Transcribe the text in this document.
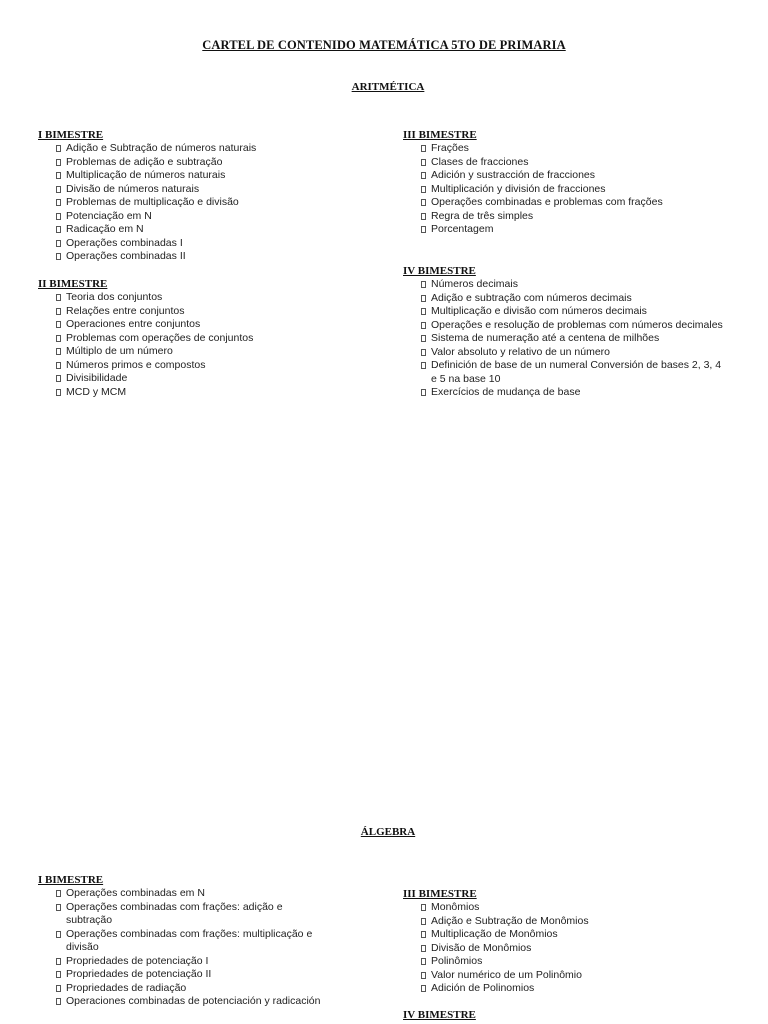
CARTEL DE CONTENIDO MATEMÁTICA 5TO DE PRIMARIA
ARITMÉTICA
I BIMESTRE
Adição e Subtração de números naturais
Problemas de adição e subtração
Multiplicação de números naturais
Divisão de números naturais
Problemas de multiplicação e divisão
Potenciação em N
Radicação em N
Operações combinadas I
Operações combinadas II
II BIMESTRE
Teoria dos conjuntos
Relações entre conjuntos
Operaciones entre conjuntos
Problemas com operações de conjuntos
Múltiplo de um número
Números primos e compostos
Divisibilidade
MCD y MCM
III BIMESTRE
Frações
Clases de fracciones
Adición y sustracción de fracciones
Multiplicación y división de fracciones
Operações combinadas e problemas com frações
Regra de três simples
Porcentagem
IV BIMESTRE
Números decimais
Adição e subtração com números decimais
Multiplicação e divisão com números decimais
Operações e resolução de problemas com números decimales
Sistema de numeração até a centena de milhões
Valor absoluto y relativo de un número
Definición de base de un numeral Conversión de bases 2, 3, 4 e 5 na base 10
Exercícios de mudança de base
ÁLGEBRA
I BIMESTRE
Operações combinadas em N
Operações combinadas com frações: adição e subtração
Operações combinadas com frações: multiplicação e divisão
Propriedades de potenciação I
Propriedades de potenciação II
Propriedades de radiação
Operaciones combinadas de potenciación y radicación
III BIMESTRE
Monômios
Adição e Subtração de Monômios
Multiplicação de Monômios
Divisão de Monômios
Polinômios
Valor numérico de um Polinômio
Adición de Polinomios
IV BIMESTRE
